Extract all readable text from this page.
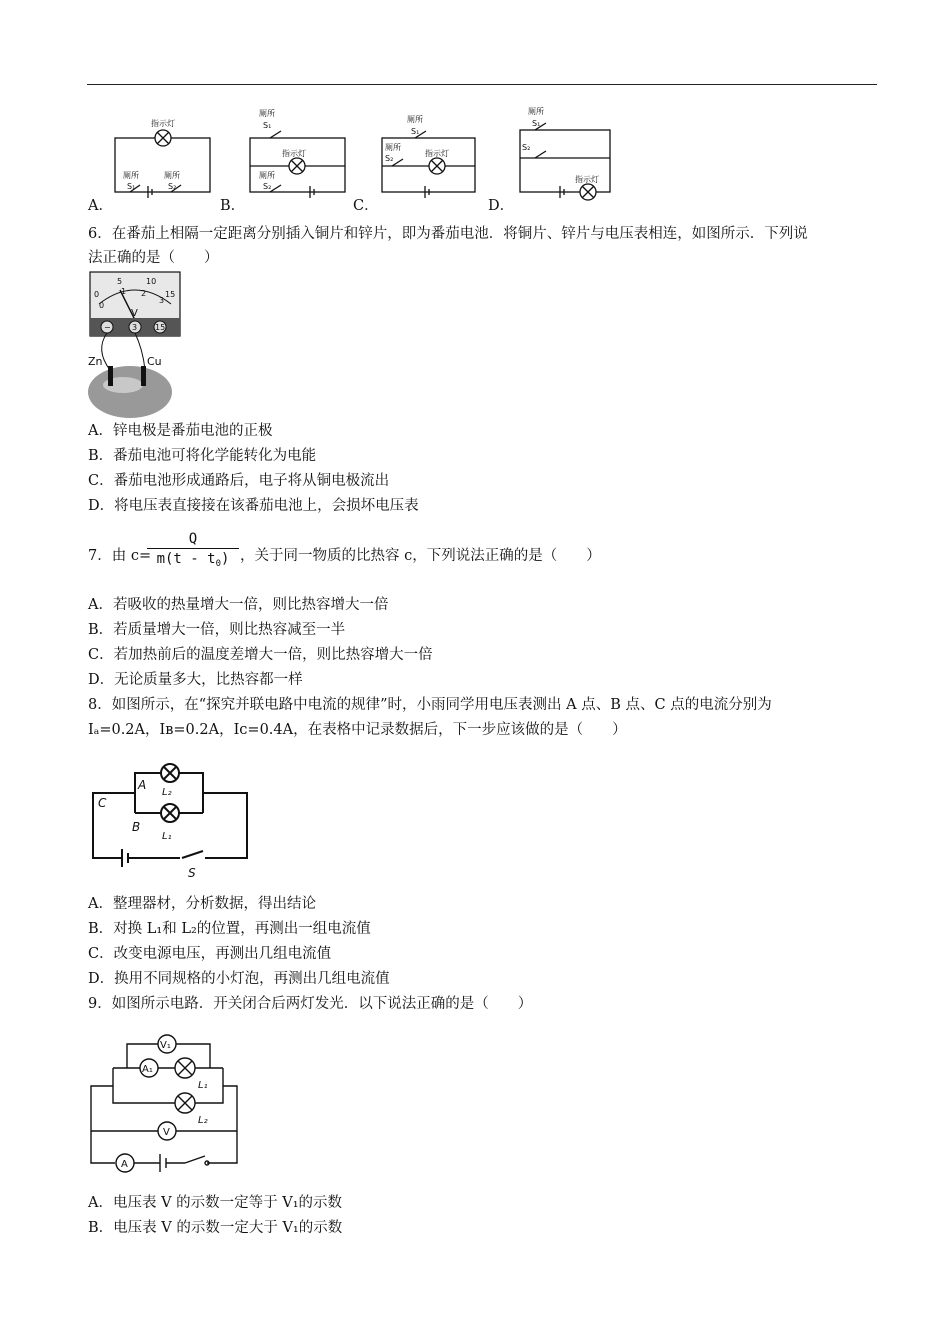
指示灯
厕所	厕所
S₁	S₂
厕所
S₁
指示灯
厕所
S₂
厕所
S₁
厕所
S₂
指示灯
厕所
S₁
S₂
指示灯
A．	B．	C．	D．
6．在番茄上相隔一定距离分别插入铜片和锌片，即为番茄电池．将铜片、锌片与电压表相连，如图所示．下列说
法正确的是（　　）
5	10
0	15
1 2
3
0
V
−	3 15
Zn	Cu
A．锌电极是番茄电池的正极
B．番茄电池可将化学能转化为电能
C．番茄电池形成通路后，电子将从铜电极流出
D．将电压表直接接在该番茄电池上，会损坏电压表
7．由 c=
$\frac{Q}{m(t - t_0)}$ ，关于同一物质的比热容 c，下列说法正确的是（　　）
A．若吸收的热量增大一倍，则比热容增大一倍
B．若质量增大一倍，则比热容减至一半
C．若加热前后的温度差增大一倍，则比热容增大一倍
D．无论质量多大，比热容都一样
8．如图所示，在“探究并联电路中电流的规律”时，小雨同学用电压表测出 A 点、B 点、C 点的电流分别为
Iₐ=0.2A，Iʙ=0.2A，Iᴄ=0.4A，在表格中记录数据后，下一步应该做的是（　　）
A
B
C
L₂
L₁
S
A．整理器材，分析数据，得出结论
B．对换 L₁和 L₂的位置，再测出一组电流值
C．改变电源电压，再测出几组电流值
D．换用不同规格的小灯泡，再测出几组电流值
9．如图所示电路．开关闭合后两灯发光．以下说法正确的是（　　）
V₁
A₁
L₁
L₂
V
A
A．电压表 V 的示数一定等于 V₁的示数
B．电压表 V 的示数一定大于 V₁的示数
